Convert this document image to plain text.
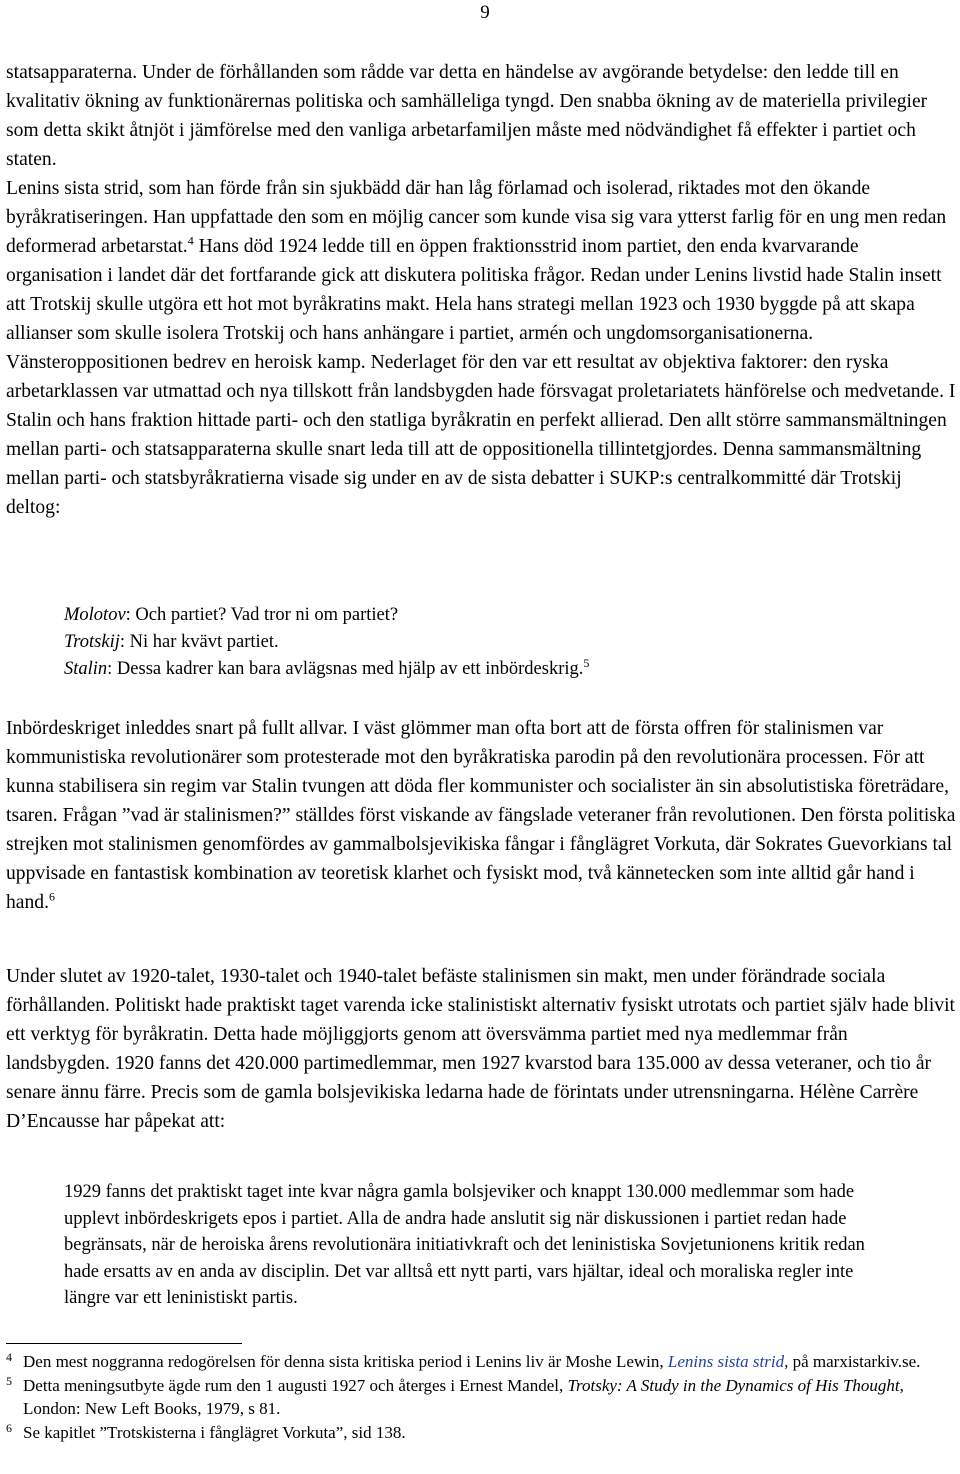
9

statsapparaterna. Under de förhållanden som rådde var detta en händelse av avgörande betydelse: den ledde till en kvalitativ ökning av funktionärernas politiska och samhälleliga tyngd. Den snabba ökning av de materiella privilegier som detta skikt åtnjöt i jämförelse med den vanliga arbetarfamiljen måste med nödvändighet få effekter i partiet och staten.
Lenins sista strid, som han förde från sin sjukbädd där han låg förlamad och isolerad, riktades mot den ökande byråkratiseringen. Han uppfattade den som en möjlig cancer som kunde visa sig vara ytterst farlig för en ung men redan deformerad arbetarstat.$^4$ Hans död 1924 ledde till en öppen fraktionsstrid inom partiet, den enda kvarvarande organisation i landet där det fortfarande gick att diskutera politiska frågor. Redan under Lenins livstid hade Stalin insett att Trotskij skulle utgöra ett hot mot byråkratins makt. Hela hans strategi mellan 1923 och 1930 byggde på att skapa allianser som skulle isolera Trotskij och hans anhängare i partiet, armén och ungdomsorganisationerna. Vänsteroppositionen bedrev en heroisk kamp. Nederlaget för den var ett resultat av objektiva faktorer: den ryska arbetarklassen var utmattad och nya tillskott från landsbygden hade försvagat proletariatets hänförelse och medvetande. I Stalin och hans fraktion hittade parti- och den statliga byråkratin en perfekt allierad. Den allt större sammansmältningen mellan parti- och statsapparaterna skulle snart leda till att de oppositionella tillintetgjordes. Denna sammansmältning mellan parti- och statsbyråkratierna visade sig under en av de sista debatter i SUKP:s centralkommitté där Trotskij deltog:

Molotov: Och partiet? Vad tror ni om partiet?
Trotskij: Ni har kvävt partiet.
Stalin: Dessa kadrer kan bara avlägsnas med hjälp av ett inbördeskrig.$^5$

Inbördeskriget inleddes snart på fullt allvar. I väst glömmer man ofta bort att de första offren för stalinismen var kommunistiska revolutionärer som protesterade mot den byråkratiska parodin på den revolutionära processen. För att kunna stabilisera sin regim var Stalin tvungen att döda fler kommunister och socialister än sin absolutistiska företrädare, tsaren. Frågan ”vad är stalinismen?” ställdes först viskande av fängslade veteraner från revolutionen. Den första politiska strejken mot stalinismen genomfördes av gammalbolsjevikiska fångar i fånglägret Vorkuta, där Sokrates Guevorkians tal uppvisade en fantastisk kombination av teoretisk klarhet och fysiskt mod, två kännetecken som inte alltid går hand i hand.$^6$

Under slutet av 1920-talet, 1930-talet och 1940-talet befäste stalinismen sin makt, men under förändrade sociala förhållanden. Politiskt hade praktiskt taget varenda icke stalinistiskt alternativ fysiskt utrotats och partiet själv hade blivit ett verktyg för byråkratin. Detta hade möjliggjorts genom att översvämma partiet med nya medlemmar från landsbygden. 1920 fanns det 420.000 partimedlemmar, men 1927 kvarstod bara 135.000 av dessa veteraner, och tio år senare ännu färre. Precis som de gamla bolsjevikiska ledarna hade de förintats under utrensningarna. Hélène Carrère D’Encausse har påpekat att:

1929 fanns det praktiskt taget inte kvar några gamla bolsjeviker och knappt 130.000 medlemmar som hade upplevt inbördeskrigets epos i partiet. Alla de andra hade anslutit sig när diskussionen i partiet redan hade begränsats, när de heroiska årens revolutionära initiativkraft och det leninistiska Sovjetunionens kritik redan hade ersatts av en anda av disciplin. Det var alltså ett nytt parti, vars hjältar, ideal och moraliska regler inte längre var ett leninistiskt partis.

4 Den mest noggranna redogörelsen för denna sista kritiska period i Lenins liv är Moshe Lewin, Lenins sista strid, på marxistarkiv.se.
5 Detta meningsutbyte ägde rum den 1 augusti 1927 och återges i Ernest Mandel, Trotsky: A Study in the Dynamics of His Thought, London: New Left Books, 1979, s 81.
6 Se kapitlet ”Trotskisterna i fånglägret Vorkuta”, sid 138.
